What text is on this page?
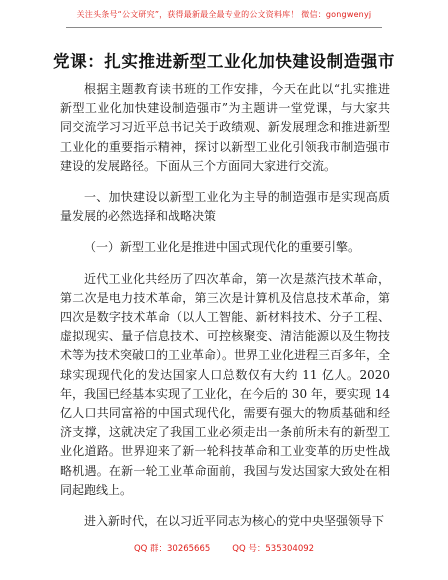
关注头条号“公文研究”，获得最新最全最专业的公文资料库！ 微信：gongwenyj
党课：扎实推进新型工业化加快建设制造强市

根据主题教育读书班的工作安排，今天在此以“扎实推进新型工业化加快建设制造强市”为主题讲一堂党课，与大家共同交流学习习近平总书记关于政绩观、新发展理念和推进新型工业化的重要指示精神，探讨以新型工业化引领我市制造强市建设的发展路径。下面从三个方面同大家进行交流。

一、加快建设以新型工业化为主导的制造强市是实现高质量发展的必然选择和战略决策

（一）新型工业化是推进中国式现代化的重要引擎。

近代工业化共经历了四次革命，第一次是蒸汽技术革命，第二次是电力技术革命，第三次是计算机及信息技术革命，第四次是数字技术革命（以人工智能、新材料技术、分子工程、虚拟现实、量子信息技术、可控核聚变、清洁能源以及生物技术等为技术突破口的工业革命）。世界工业化进程三百多年，全球实现现代化的发达国家人口总数仅有大约 11 亿人。2020 年，我国已经基本实现了工业化，在今后的 30 年，要实现 14 亿人口共同富裕的中国式现代化，需要有强大的物质基础和经济支撑，这就决定了我国工业必须走出一条前所未有的新型工业化道路。世界迎来了新一轮科技革命和工业变革的历史性战略机遇。在新一轮工业革命面前，我国与发达国家大致处在相同起跑线上。

进入新时代，在以习近平同志为核心的党中央坚强领导下

QQ 群：30265665	QQ 号：535304092
